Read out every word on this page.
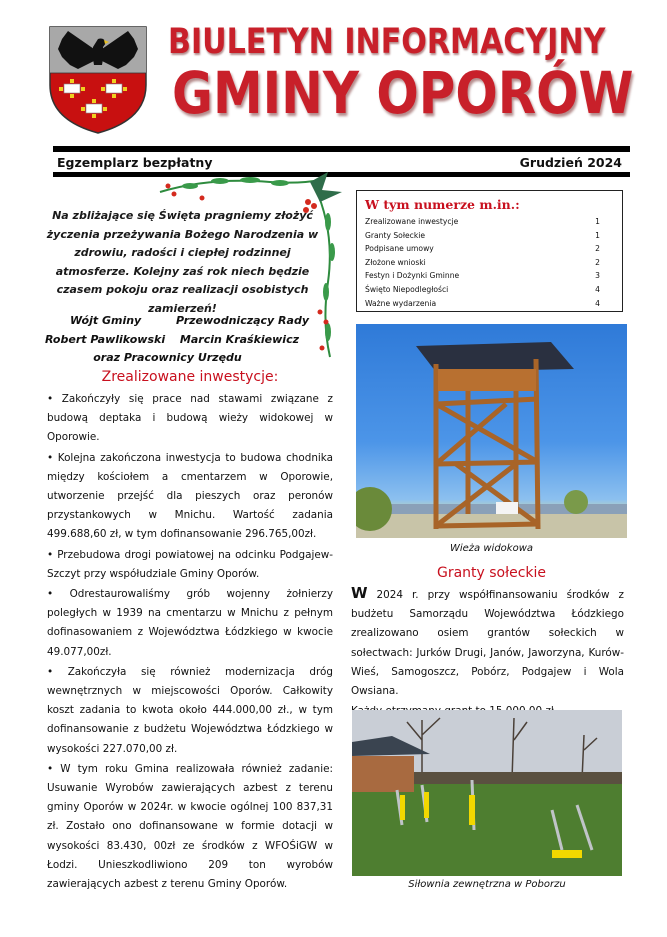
BIULETYN INFORMACYJNY
GMINY OPORÓW
Egzemplarz bezpłatny	Grudzień 2024
Na zbliżające się Święta pragniemy złożyć życzenia przeżywania Bożego Narodzenia w zdrowiu, radości i ciepłej rodzinnej atmosferze. Kolejny zaś rok niech będzie czasem pokoju oraz realizacji osobistych zamierzeń!
Wójt Gminy	Przewodniczący Rady
Robert Pawlikowski Marcin Kraśkiewicz
oraz Pracownicy Urzędu
W tym numerze m.in.:
Zrealizowane inwestycje	1
Granty Sołeckie	1
Podpisane umowy	2
Złożone wnioski	2
Festyn i Dożynki Gminne	3
Święto Niepodległości	4
Ważne wydarzenia	4
Zrealizowane inwestycje:

• Zakończyły się prace nad stawami związane z budową deptaka i budową wieży widokowej w Oporowie.

• Kolejna zakończona inwestycja to budowa chodnika między kościołem a cmentarzem w Oporowie, utworzenie przejść dla pieszych oraz peronów przystankowych w Mnichu. Wartość zadania 499.688,60 zł, w tym dofinansowanie 296.765,00zł.

• Przebudowa drogi powiatowej na odcinku Podgajew-Szczyt przy współudziale Gminy Oporów.

• Odrestaurowaliśmy grób wojenny żołnierzy poległych w 1939 na cmentarzu w Mnichu z pełnym dofinasowaniem z Województwa Łódzkiego w kwocie 49.077,00zł.

• Zakończyła się również modernizacja dróg wewnętrznych w miejscowości Oporów. Całkowity koszt zadania to kwota około 444.000,00 zł., w tym dofinansowanie z budżetu Województwa Łódzkiego w wysokości 227.070,00 zł.

• W tym roku Gmina realizowała również zadanie: Usuwanie Wyrobów zawierających azbest z terenu gminy Oporów w 2024r. w kwocie ogólnej 100 837,31 zł. Zostało ono dofinansowane w formie dotacji w wysokości 83.430, 00zł ze środków z WFOŚiGW w Łodzi. Unieszkodliwiono 209 ton wyrobów zawierających azbest z terenu Gminy Oporów.

Wieża widokowa
Granty sołeckie

W 2024 r. przy współfinansowaniu środków z budżetu Samorządu Województwa Łódzkiego zrealizowano osiem grantów sołeckich w sołectwach: Jurków Drugi, Janów, Jaworzyna, Kurów-Wieś, Samogoszcz, Pobórz, Podgajew i Wola Owsiana.

Siłownia zewnętrzna w Poborzu
